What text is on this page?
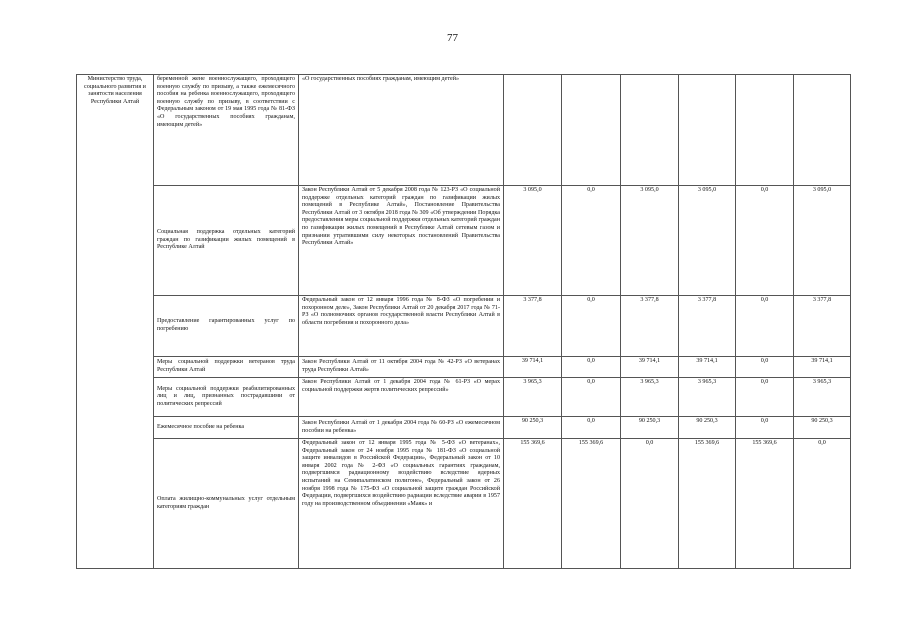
77
Министерство труда, социального развития и занятости населения Республики Алтай	беременной жене военнослужащего, проходящего военную службу по призыву, а также ежемесячного пособия на ребенка военнослужащего, проходящего военную службу по призыву, в соответствии с Федеральным законом от 19 мая 1995 года № 81-ФЗ «О государственных пособиях гражданам, имеющим детей»	«О государственных пособиях гражданам, имеющим детей»						
	Социальная поддержка отдельных категорий граждан по газификации жилых помещений в Республике Алтай	Закон Республики Алтай от 5 декабря 2008 года № 123-РЗ «О социальной поддержке отдельных категорий граждан по газификации жилых помещений в Республике Алтай», Постановление Правительства Республики Алтай от 3 октября 2018 года № 309 «Об утверждении Порядка предоставления меры социальной поддержки отдельных категорий граждан по газификации жилых помещений в Республике Алтай сетевым газом и признании утратившими силу некоторых постановлений Правительства Республики Алтай»	3 095,0	0,0	3 095,0	3 095,0	0,0	3 095,0
	Предоставление гарантированных услуг по погребению	Федеральный закон от 12 января 1996 года № 8-ФЗ «О погребении и похоронном деле», Закон Республики Алтай от 20 декабря 2017 года № 71-РЗ «О полномочиях органов государственной власти Республики Алтай в области погребения и похоронного дела»	3 377,8	0,0	3 377,8	3 377,8	0,0	3 377,8
	Меры социальной поддержки ветеранов труда Республики Алтай	Закон Республики Алтай от 11 октября 2004 года № 42-РЗ «О ветеранах труда Республики Алтай»	39 714,1	0,0	39 714,1	39 714,1	0,0	39 714,1
	Меры социальной поддержки реабилитированных лиц и лиц, признанных пострадавшими от политических репрессий	Закон Республики Алтай от 1 декабря 2004 года № 61-РЗ «О мерах социальной поддержки жертв политических репрессий»	3 965,3	0,0	3 965,3	3 965,3	0,0	3 965,3
	Ежемесячное пособие на ребенка	Закон Республики Алтай от 1 декабря 2004 года № 60-РЗ «О ежемесячном пособии на ребенка»	90 250,3	0,0	90 250,3	90 250,3	0,0	90 250,3
	Оплата жилищно-коммунальных услуг отдельным категориям граждан	Федеральный закон от 12 января 1995 года № 5-ФЗ «О ветеранах», Федеральный закон от 24 ноября 1995 года № 181-ФЗ «О социальной защите инвалидов в Российской Федерации», Федеральный закон от 10 января 2002 года № 2-ФЗ «О социальных гарантиях гражданам, подвергшимся радиационному воздействию вследствие ядерных испытаний на Семипалатинском полигоне», Федеральный закон от 26 ноября 1998 года № 175-ФЗ «О социальной защите граждан Российской Федерации, подвергшихся воздействию радиации вследствие аварии в 1957 году на производственном объединении «Маяк» и	155 369,6	155 369,6	0,0	155 369,6	155 369,6	0,0
